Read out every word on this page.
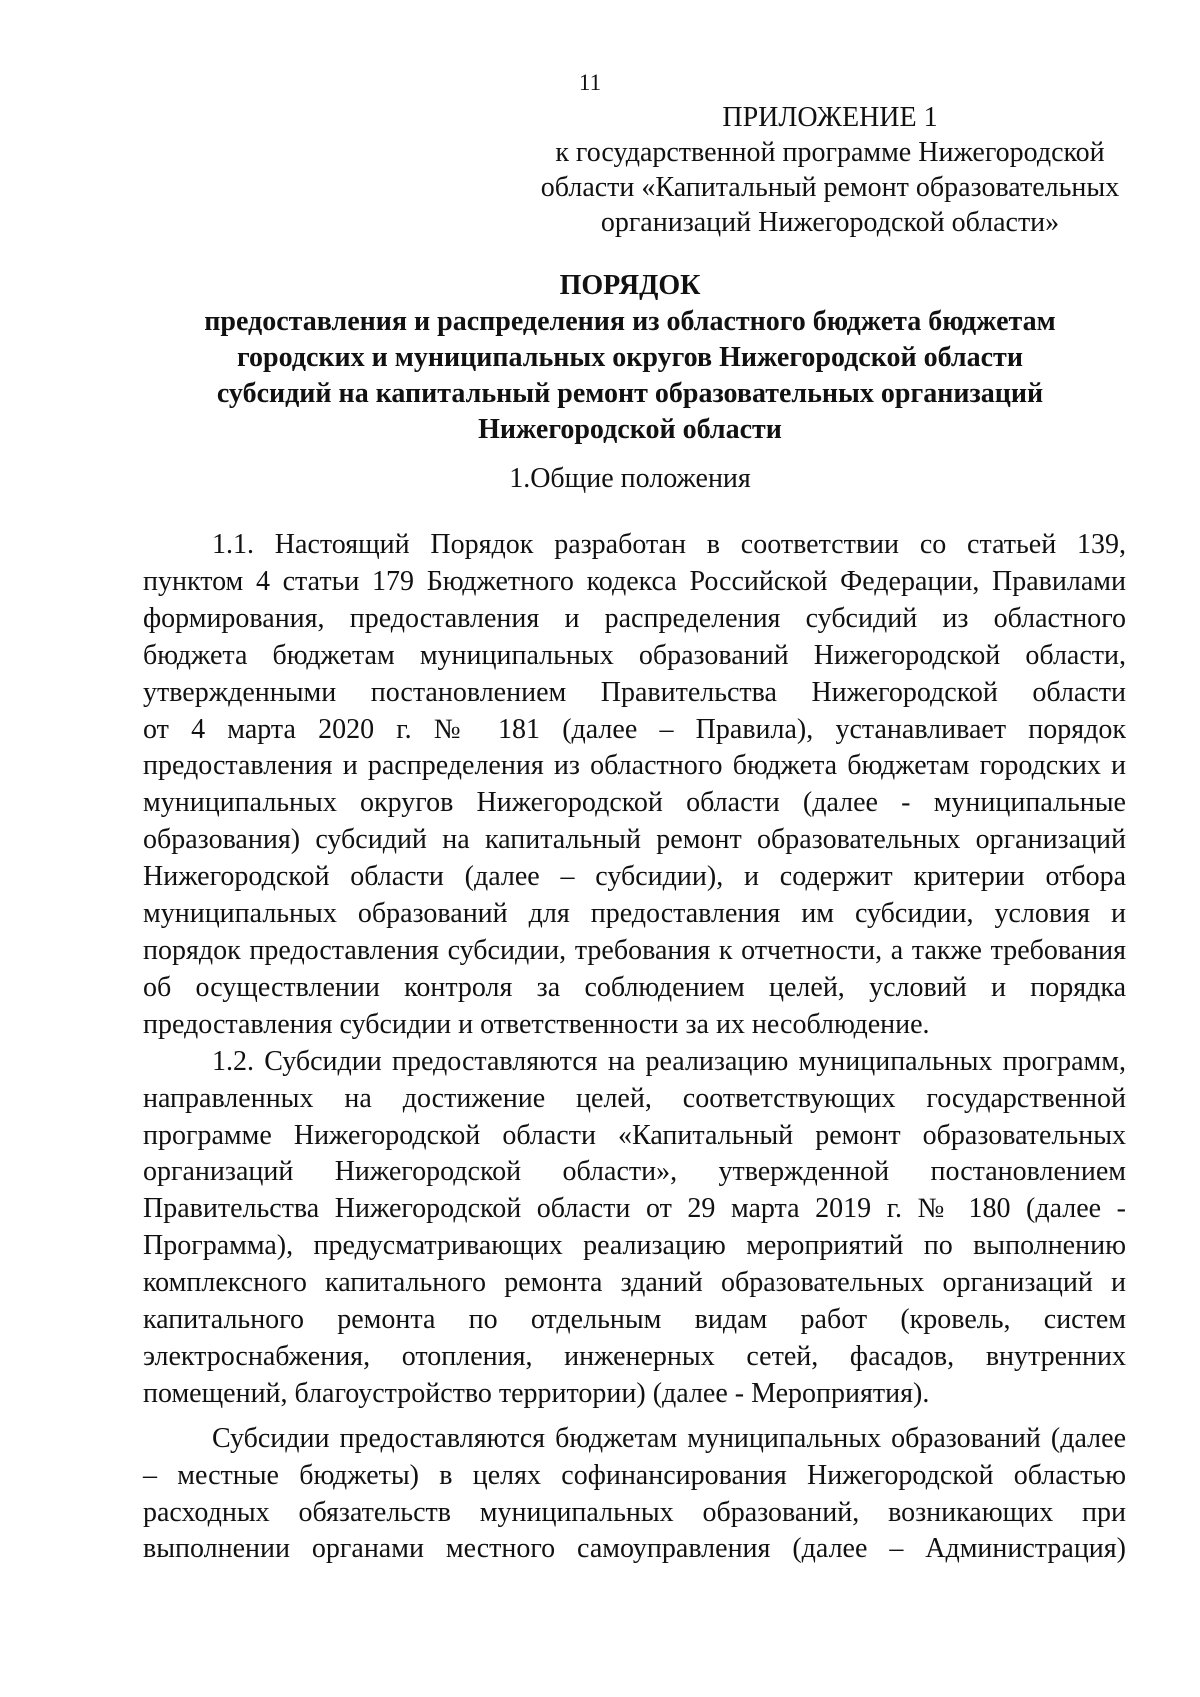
11
ПРИЛОЖЕНИЕ 1
к государственной программе Нижегородской
области «Капитальный ремонт образовательных
организаций Нижегородской области»
ПОРЯДОК
предоставления и распределения из областного бюджета бюджетам
городских и муниципальных округов Нижегородской области
субсидий на капитальный ремонт образовательных организаций
Нижегородской области
1.Общие положения
1.1. Настоящий Порядок разработан в соответствии со статьей 139,
пунктом 4 статьи 179 Бюджетного кодекса Российской Федерации, Правилами
формирования, предоставления и распределения субсидий из областного
бюджета бюджетам муниципальных образований Нижегородской области,
утвержденными постановлением Правительства Нижегородской области
от 4 марта 2020 г. № 181 (далее – Правила), устанавливает порядок
предоставления и распределения из областного бюджета бюджетам городских и
муниципальных округов Нижегородской области (далее - муниципальные
образования) субсидий на капитальный ремонт образовательных организаций
Нижегородской области (далее – субсидии), и содержит критерии отбора
муниципальных образований для предоставления им субсидии, условия и
порядок предоставления субсидии, требования к отчетности, а также требования
об осуществлении контроля за соблюдением целей, условий и порядка
предоставления субсидии и ответственности за их несоблюдение.
1.2. Субсидии предоставляются на реализацию муниципальных программ,
направленных на достижение целей, соответствующих государственной
программе Нижегородской области «Капитальный ремонт образовательных
организаций Нижегородской области», утвержденной постановлением
Правительства Нижегородской области от 29 марта 2019 г. № 180 (далее -
Программа), предусматривающих реализацию мероприятий по выполнению
комплексного капитального ремонта зданий образовательных организаций и
капитального ремонта по отдельным видам работ (кровель, систем
электроснабжения, отопления, инженерных сетей, фасадов, внутренних
помещений, благоустройство территории) (далее - Мероприятия).
Субсидии предоставляются бюджетам муниципальных образований (далее
– местные бюджеты) в целях софинансирования Нижегородской областью
расходных обязательств муниципальных образований, возникающих при
выполнении органами местного самоуправления (далее – Администрация)
